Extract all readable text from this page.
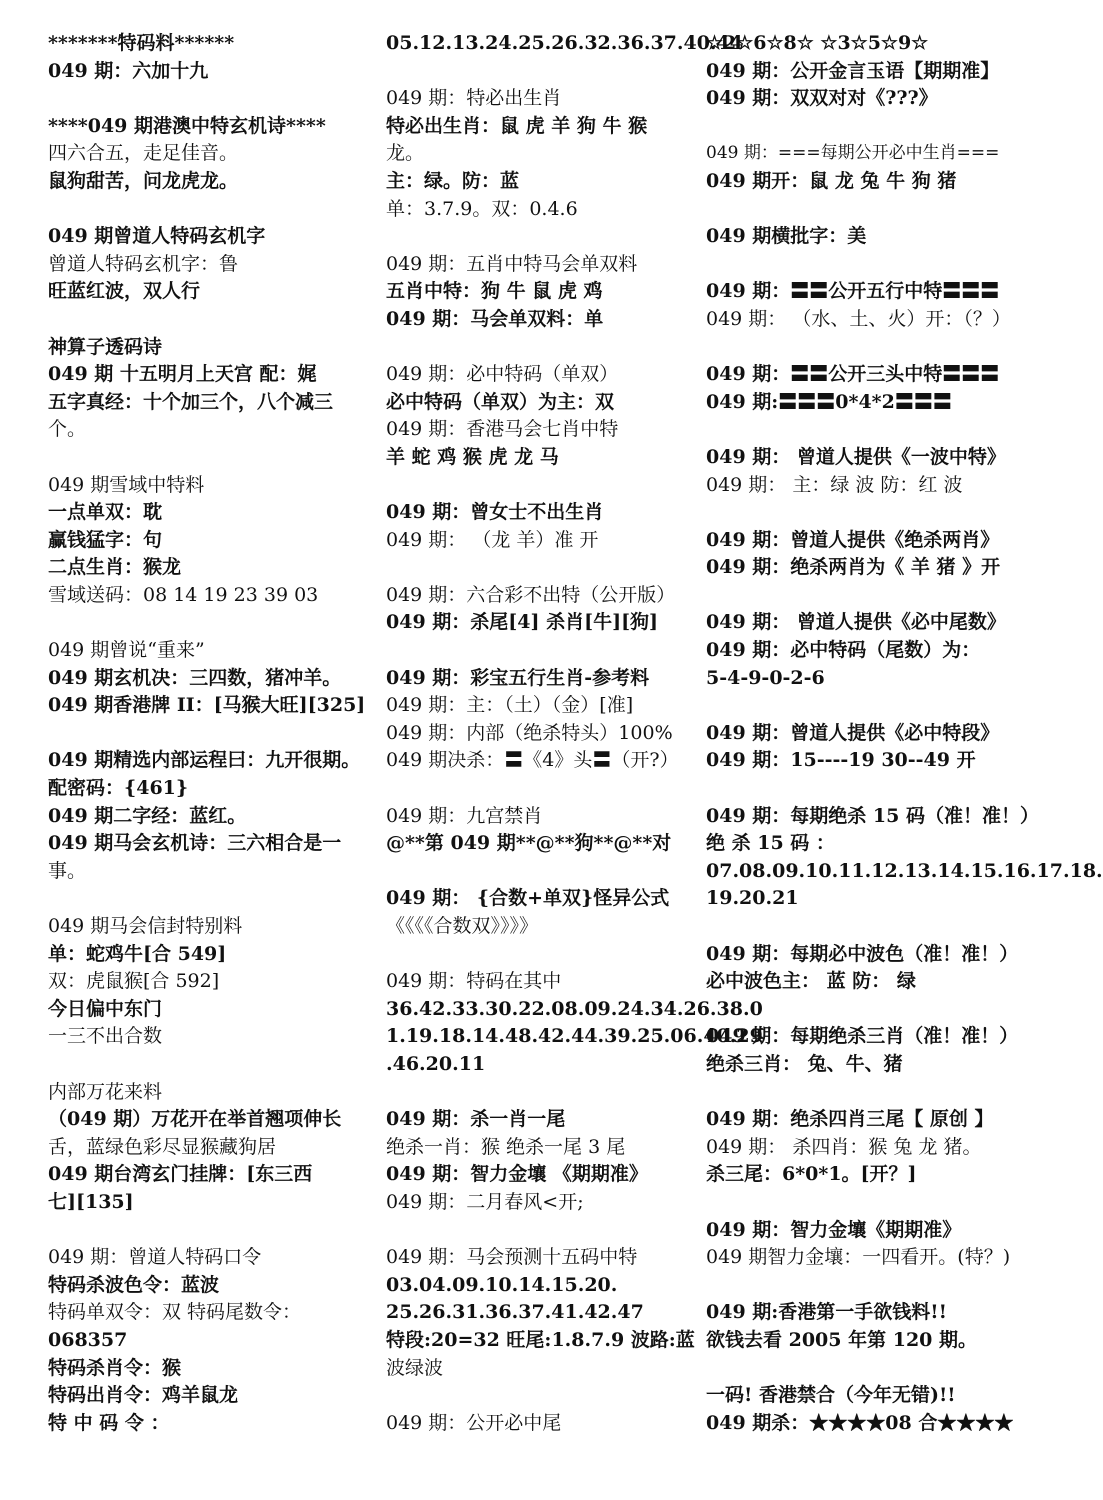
*******特码料******
049 期：六加十九
****049 期港澳中特玄机诗****
四六合五，走足佳音。
鼠狗甜苦，问龙虎龙。
049 期曾道人特码玄机字
曾道人特码玄机字：鲁
旺蓝红波，双人行
神算子透码诗
049 期 十五明月上天宫 配：娓
五字真经：十个加三个，八个减三
个。
049 期雪域中特料
一点单双：耽
赢钱猛字：句
二点生肖：猴龙
雪域送码：08 14 19 23 39 03
049 期曾说“重来”
049 期玄机决：三四数，猪冲羊。
049 期香港牌 II：[马猴大旺][325]
049 期精选内部运程曰：九开很期。
配密码：{461}
049 期二字经：蓝红。
049 期马会玄机诗：三六相合是一
事。
049 期马会信封特别料
单：蛇鸡牛[合 549]
双：虎鼠猴[合 592]
今日偏中东门
一三不出合数
内部万花来料
（049 期）万花开在举首翘项伸长
舌，蓝绿色彩尽显猴藏狗居
049 期台湾玄门挂牌：[东三西
七][135]
049 期：曾道人特码口令
特码杀波色令：蓝波
特码单双令：双 特码尾数令：
068357
特码杀肖令：猴
特码出肖令：鸡羊鼠龙
特 中 码 令 ：
05.12.13.24.25.26.32.36.37.40.44
049 期：特必出生肖
特必出生肖：鼠 虎 羊 狗 牛 猴
龙。
主：绿。防：蓝
单：3.7.9。双：0.4.6
049 期：五肖中特马会单双料
五肖中特：狗 牛 鼠 虎 鸡
049 期：马会单双料：单
049 期：必中特码（单双）
必中特码（单双）为主：双
049 期：香港马会七肖中特
羊 蛇 鸡 猴 虎 龙 马
049 期：曾女士不出生肖
049 期： （龙 羊）准 开
049 期：六合彩不出特（公开版）
049 期：杀尾[4] 杀肖[牛][狗]
049 期：彩宝五行生肖-参考料
049 期：主：（土）（金）[准]
049 期：内部（绝杀特头）100%
049 期决杀：〓《4》头〓（开?）
049 期：九宫禁肖
@**第 049 期**@**狗**@**对
049 期： {合数+单双}怪异公式
《《《《合数双》》》》
049 期：特码在其中
36.42.33.30.22.08.09.24.34.26.38.0
1.19.18.14.48.42.44.39.25.06.40.29
.46.20.11
049 期：杀一肖一尾
绝杀一肖：猴 绝杀一尾 3 尾
049 期：智力金壤 《期期准》
049 期：二月春风<开;
049 期：马会预测十五码中特
03.04.09.10.14.15.20.
25.26.31.36.37.41.42.47
特段:20=32 旺尾:1.8.7.9 波路:蓝
波绿波
049 期：公开必中尾
☆2☆6☆8☆ ☆3☆5☆9☆
049 期：公开金言玉语【期期准】
049 期：双双对对《???》
049 期：===每期公开必中生肖===
049 期开：鼠 龙 兔 牛 狗 猪
049 期横批字：美
049 期：〓〓公开五行中特〓〓〓
049 期： （水、土、火）开：（？）
049 期：〓〓公开三头中特〓〓〓
049 期:〓〓〓0*4*2〓〓〓
049 期： 曾道人提供《一波中特》
049 期： 主：绿 波 防：红 波
049 期：曾道人提供《绝杀两肖》
049 期：绝杀两肖为《 羊 猪 》开
049 期： 曾道人提供《必中尾数》
049 期：必中特码（尾数）为：
5-4-9-0-2-6
049 期：曾道人提供《必中特段》
049 期：15----19 30--49 开
049 期：每期绝杀 15 码（准！准！）
绝 杀 15 码 ：
07.08.09.10.11.12.13.14.15.16.17.18.
19.20.21
049 期：每期必中波色（准！准！）
必中波色主： 蓝 防： 绿
049 期：每期绝杀三肖（准！准！）
绝杀三肖： 兔、牛、猪
049 期：绝杀四肖三尾【 原创 】
049 期： 杀四肖：猴 兔 龙 猪。
杀三尾：6*0*1。[开？]
049 期：智力金壤《期期准》
049 期智力金壤：一四看开。(特？)
049 期:香港第一手欲钱料!!
欲钱去看 2005 年第 120 期。
一码! 香港禁合（今年无错)!!
049 期杀：★★★★08 合★★★★
